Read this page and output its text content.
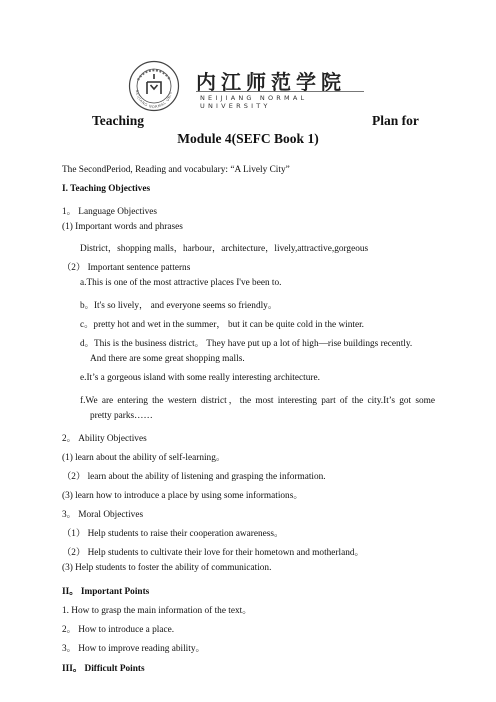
NEIJIANG NORMAL UNIV 内江师范学院
NEIJIANG NORMAL UNIVERSITY
Teaching	Plan for
Module 4(SEFC Book 1)
The SecondPeriod, Reading and vocabulary: “A Lively City”
I. Teaching Objectives
1。 Language Objectives
(1) Important words and phrases
District，shopping malls，harbour，architecture，lively,attractive,gorgeous
（2） Important sentence patterns
a.This is one of the most attractive places I've been to.
b。It's so lively， and everyone seems so friendly。
c。pretty hot and wet in the summer， but it can be quite cold in the winter.
d。This is the business district。 They have put up a lot of high—rise buildings recently.
And there are some great shopping malls.
e.It’s a gorgeous island with some really interesting architecture.
f.We are entering the western district，the most interesting part of the city.It’s got some
pretty parks……
2。 Ability Objectives
(1) learn about the ability of self-learning。
（2） learn about the ability of listening and grasping the information.
(3) learn how to introduce a place by using some informations。
3。 Moral Objectives
（1） Help students to raise their cooperation awareness。
（2） Help students to cultivate their love for their hometown and motherland。
(3) Help students to foster the ability of communication.
II。 Important Points
1. How to grasp the main information of the text。
2。 How to introduce a place.
3。 How to improve reading ability。
III。 Difficult Points
